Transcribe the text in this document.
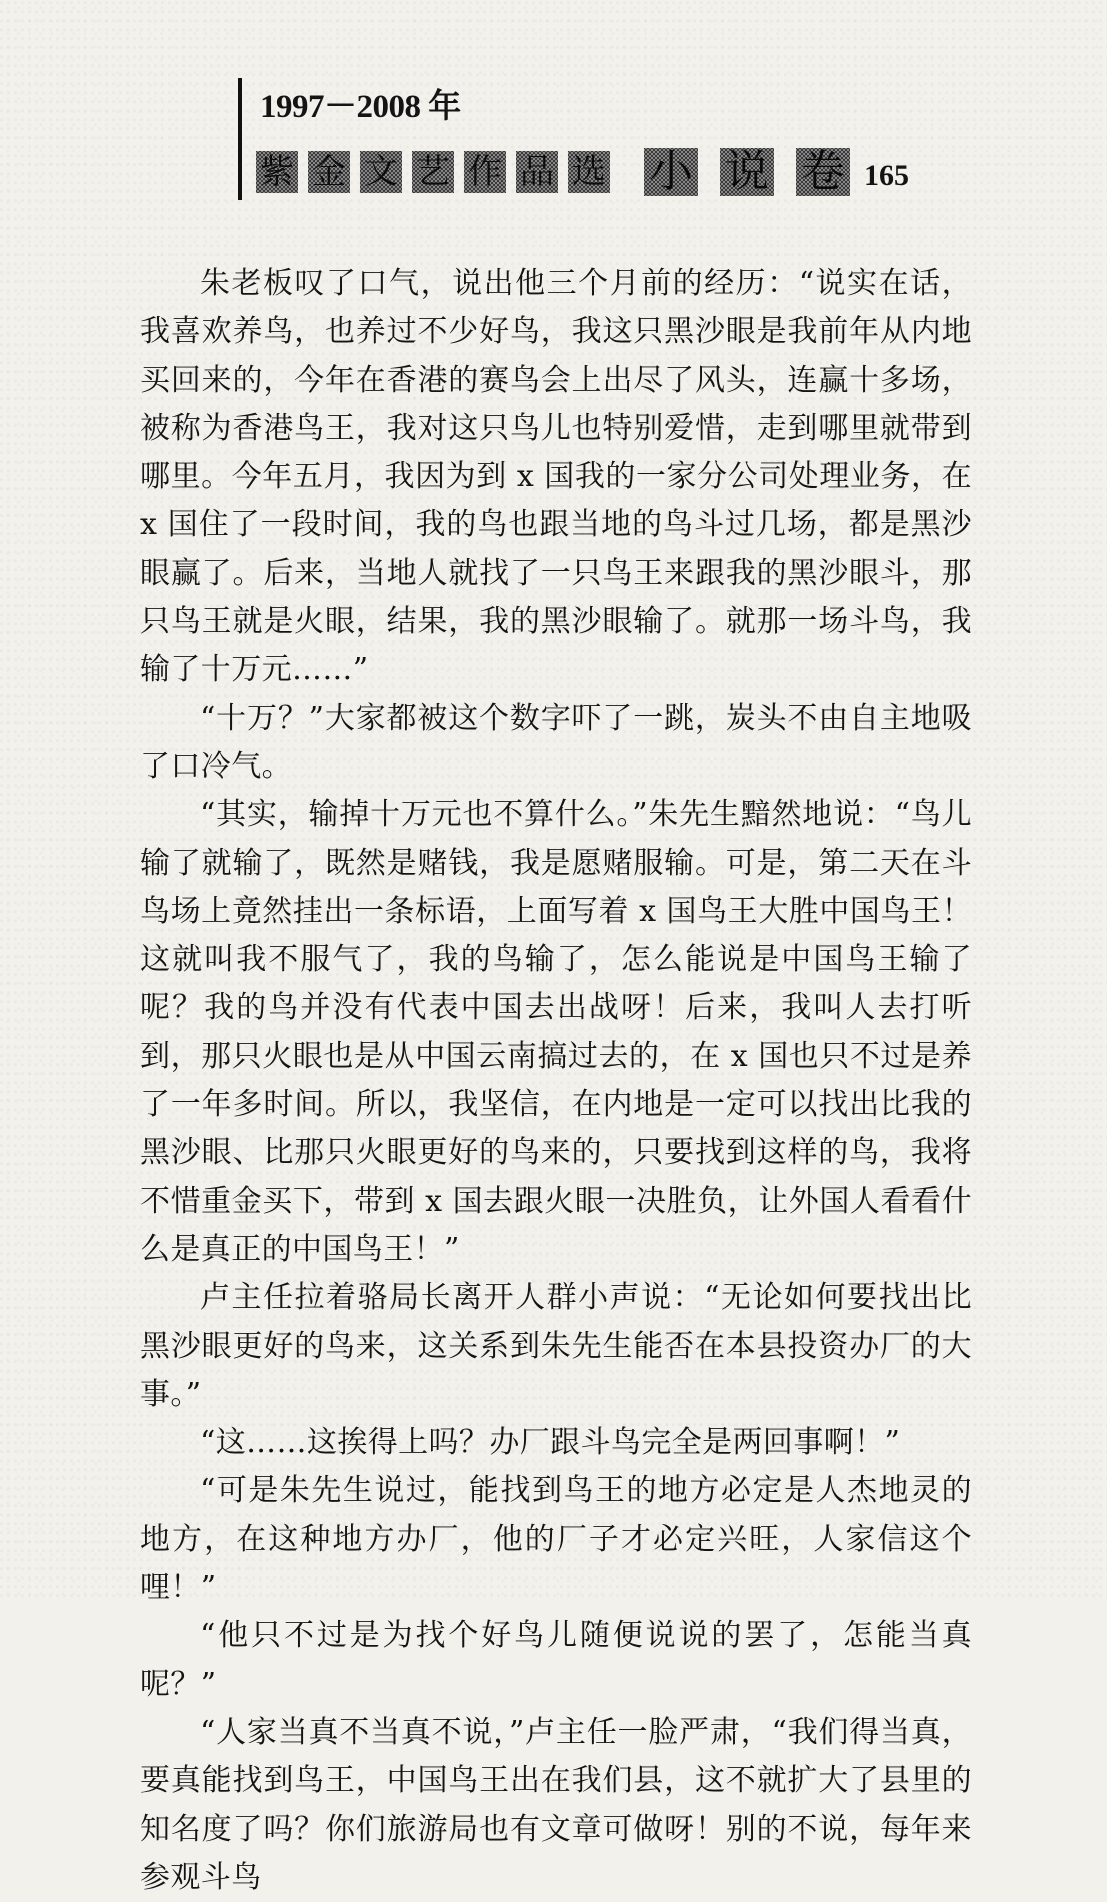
1997－2008 年
紫 金 文 艺 作 品 选 小 说 卷 165

朱老板叹了口气，说出他三个月前的经历：“说实在话，我喜欢养鸟，也养过不少好鸟，我这只黑沙眼是我前年从内地买回来的，今年在香港的赛鸟会上出尽了风头，连赢十多场，被称为香港鸟王，我对这只鸟儿也特别爱惜，走到哪里就带到哪里。今年五月，我因为到 x 国我的一家分公司处理业务，在 x 国住了一段时间，我的鸟也跟当地的鸟斗过几场，都是黑沙眼赢了。后来，当地人就找了一只鸟王来跟我的黑沙眼斗，那只鸟王就是火眼，结果，我的黑沙眼输了。就那一场斗鸟，我输了十万元……”

“十万？”大家都被这个数字吓了一跳，炭头不由自主地吸了口冷气。

“其实，输掉十万元也不算什么。”朱先生黯然地说：“鸟儿输了就输了，既然是赌钱，我是愿赌服输。可是，第二天在斗鸟场上竟然挂出一条标语，上面写着 x 国鸟王大胜中国鸟王！这就叫我不服气了，我的鸟输了，怎么能说是中国鸟王输了呢？我的鸟并没有代表中国去出战呀！后来，我叫人去打听到，那只火眼也是从中国云南搞过去的，在 x 国也只不过是养了一年多时间。所以，我坚信，在内地是一定可以找出比我的黑沙眼、比那只火眼更好的鸟来的，只要找到这样的鸟，我将不惜重金买下，带到 x 国去跟火眼一决胜负，让外国人看看什么是真正的中国鸟王！”

卢主任拉着骆局长离开人群小声说：“无论如何要找出比黑沙眼更好的鸟来，这关系到朱先生能否在本县投资办厂的大事。”

“这……这挨得上吗？办厂跟斗鸟完全是两回事啊！”

“可是朱先生说过，能找到鸟王的地方必定是人杰地灵的地方，在这种地方办厂，他的厂子才必定兴旺，人家信这个哩！”

“他只不过是为找个好鸟儿随便说说的罢了，怎能当真呢？”

“人家当真不当真不说，”卢主任一脸严肃，“我们得当真，要真能找到鸟王，中国鸟王出在我们县，这不就扩大了县里的知名度了吗？你们旅游局也有文章可做呀！别的不说，每年来参观斗鸟
